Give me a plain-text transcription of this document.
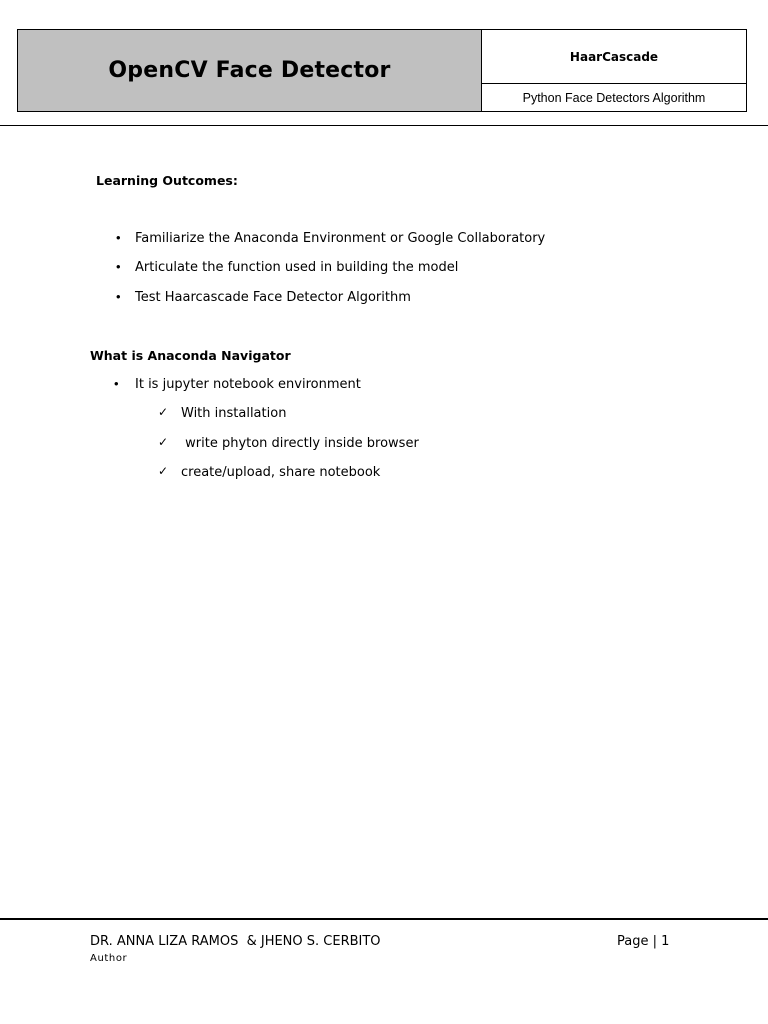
OpenCV Face Detector
HaarCascade
Python Face Detectors Algorithm
Learning Outcomes:
• Familiarize the Anaconda Environment or Google Collaboratory
• Articulate the function used in building the model
• Test Haarcascade Face Detector Algorithm
What is Anaconda Navigator
• It is jupyter notebook environment
✓ With installation
✓ write phyton directly inside browser
✓ create/upload, share notebook
DR. ANNA LIZA RAMOS  & JHENO S. CERBITO
Author
Page | 1
